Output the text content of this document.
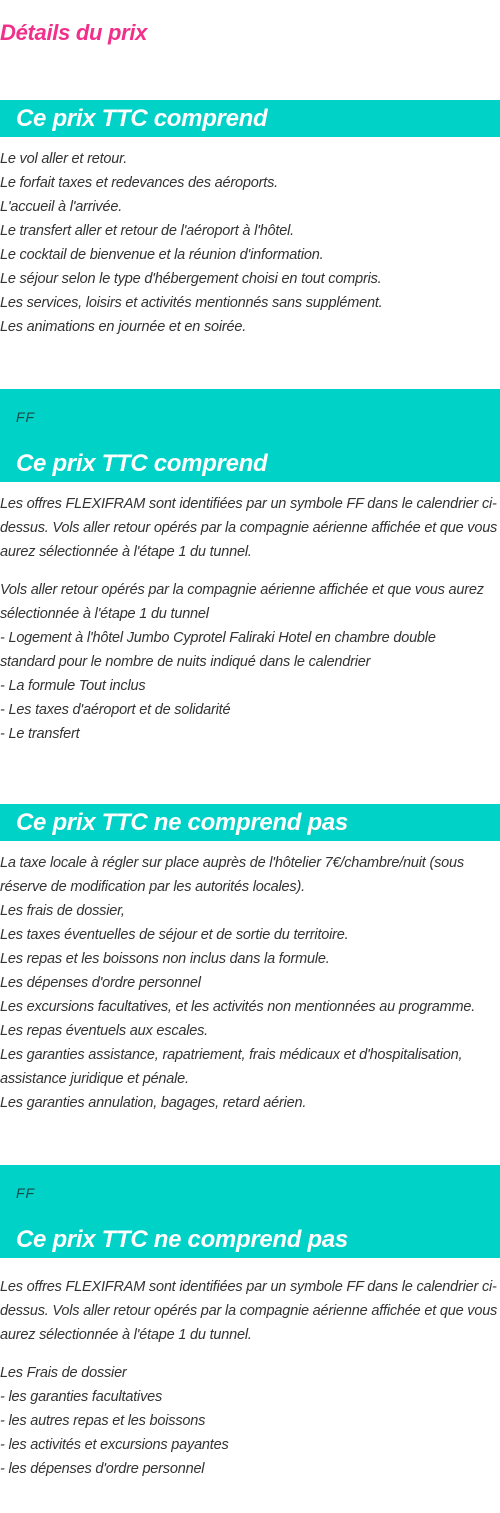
Détails du prix
Ce prix TTC comprend
Le vol aller et retour.
Le forfait taxes et redevances des aéroports.
L'accueil à l'arrivée.
Le transfert aller et retour de l'aéroport à l'hôtel.
Le cocktail de bienvenue et la réunion d'information.
Le séjour selon le type d'hébergement choisi en tout compris.
Les services, loisirs et activités mentionnés sans supplément.
Les animations en journée et en soirée.
FF
Ce prix TTC comprend
Les offres FLEXIFRAM sont identifiées par un symbole FF dans le calendrier ci-
dessus. Vols aller retour opérés par la compagnie aérienne affichée et que vous
aurez sélectionnée à l'étape 1 du tunnel.
Vols aller retour opérés par la compagnie aérienne affichée et que vous aurez
sélectionnée à l'étape 1 du tunnel
- Logement à l'hôtel Jumbo Cyprotel Faliraki Hotel en chambre double
standard pour le nombre de nuits indiqué dans le calendrier
- La formule Tout inclus
- Les taxes d'aéroport et de solidarité
- Le transfert
Ce prix TTC ne comprend pas
La taxe locale à régler sur place auprès de l'hôtelier 7€/chambre/nuit (sous
réserve de modification par les autorités locales).
Les frais de dossier,
Les taxes éventuelles de séjour et de sortie du territoire.
Les repas et les boissons non inclus dans la formule.
Les dépenses d'ordre personnel
Les excursions facultatives, et les activités non mentionnées au programme.
Les repas éventuels aux escales.
Les garanties assistance, rapatriement, frais médicaux et d'hospitalisation,
assistance juridique et pénale.
Les garanties annulation, bagages, retard aérien.
FF
Ce prix TTC ne comprend pas
Les offres FLEXIFRAM sont identifiées par un symbole FF dans le calendrier ci-
dessus. Vols aller retour opérés par la compagnie aérienne affichée et que vous
aurez sélectionnée à l'étape 1 du tunnel.
Les Frais de dossier
- les garanties facultatives
- les autres repas et les boissons
- les activités et excursions payantes
- les dépenses d'ordre personnel
